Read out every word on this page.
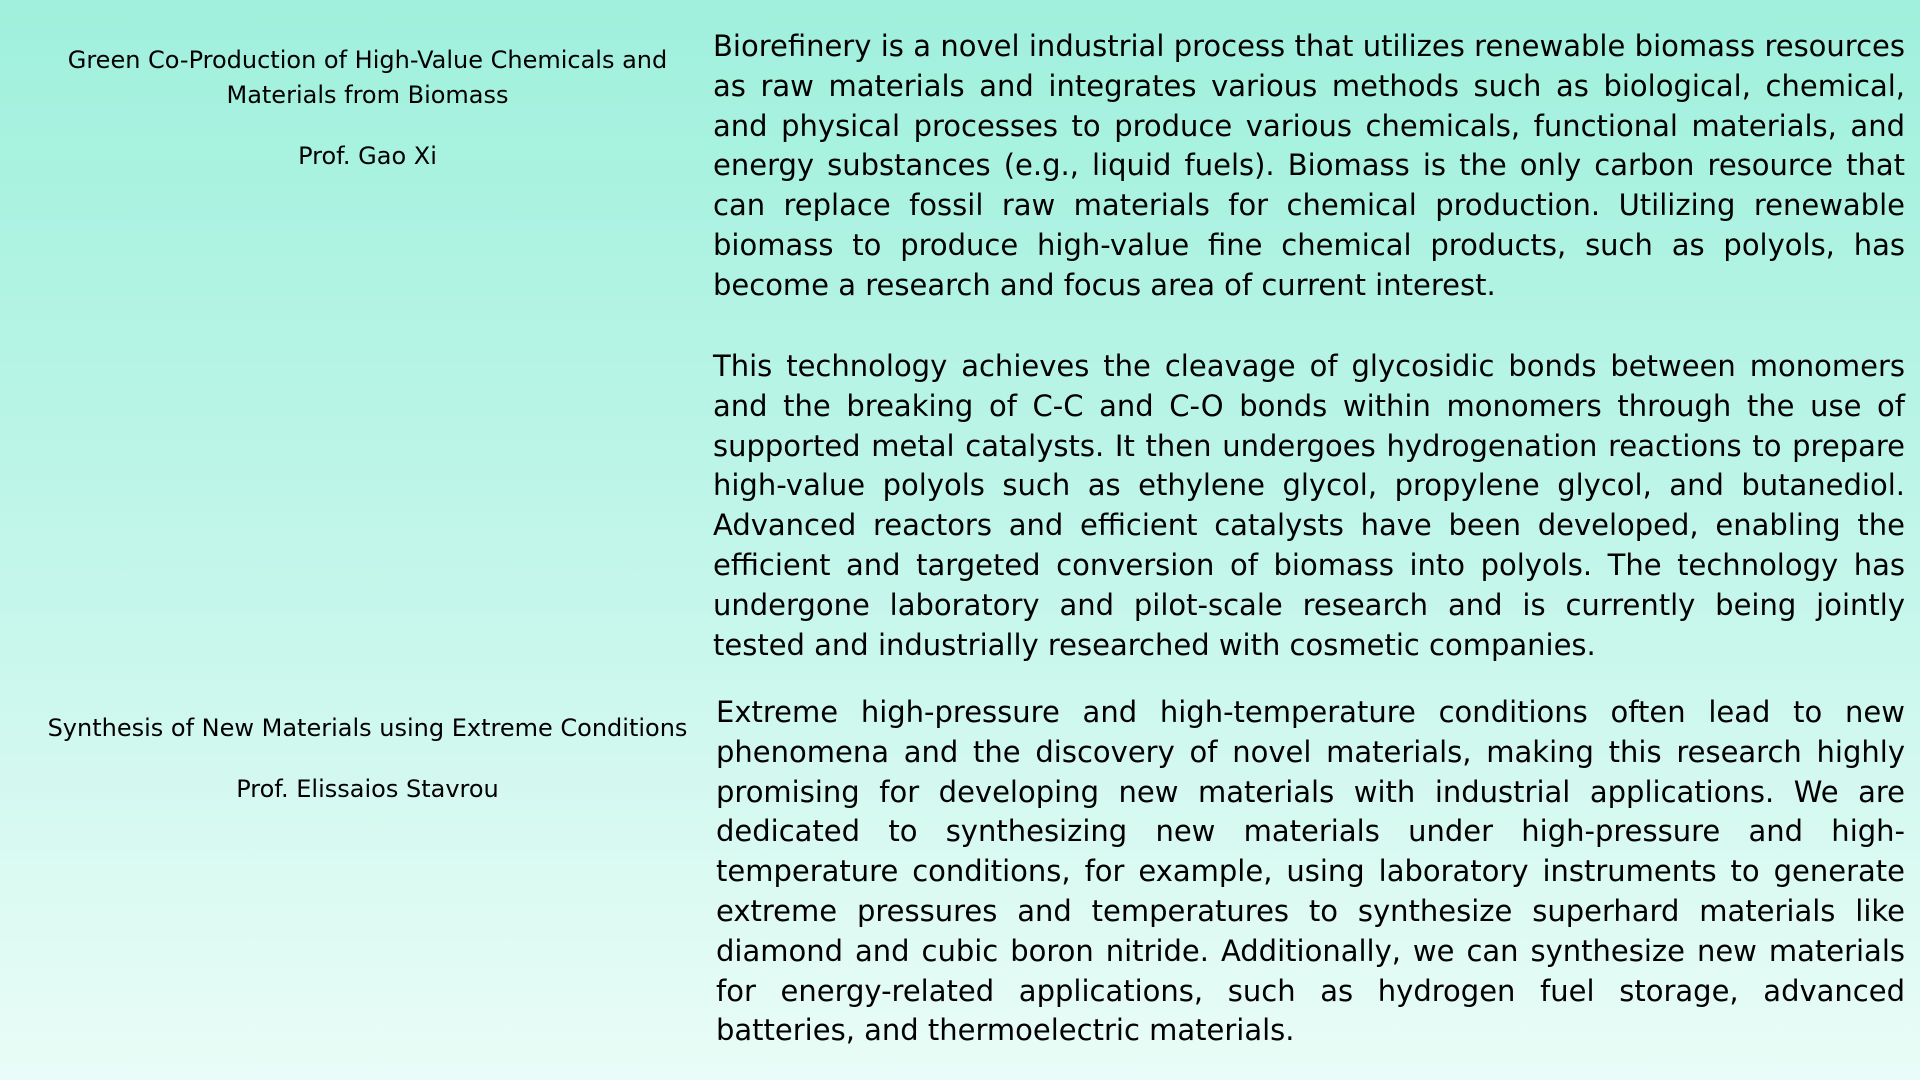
Green Co-Production of High-Value Chemicals and Materials from Biomass

Prof. Gao Xi

Biorefinery is a novel industrial process that utilizes renewable biomass resources as raw materials and integrates various methods such as biological, chemical, and physical processes to produce various chemicals, functional materials, and energy substances (e.g., liquid fuels). Biomass is the only carbon resource that can replace fossil raw materials for chemical production. Utilizing renewable biomass to produce high-value fine chemical products, such as polyols, has become a research and focus area of current interest.

This technology achieves the cleavage of glycosidic bonds between monomers and the breaking of C-C and C-O bonds within monomers through the use of supported metal catalysts. It then undergoes hydrogenation reactions to prepare high-value polyols such as ethylene glycol, propylene glycol, and butanediol. Advanced reactors and efficient catalysts have been developed, enabling the efficient and targeted conversion of biomass into polyols. The technology has undergone laboratory and pilot-scale research and is currently being jointly tested and industrially researched with cosmetic companies.

Synthesis of New Materials using Extreme Conditions

Prof. Elissaios Stavrou

Extreme high-pressure and high-temperature conditions often lead to new phenomena and the discovery of novel materials, making this research highly promising for developing new materials with industrial applications. We are dedicated to synthesizing new materials under high-pressure and high-temperature conditions, for example, using laboratory instruments to generate extreme pressures and temperatures to synthesize superhard materials like diamond and cubic boron nitride. Additionally, we can synthesize new materials for energy-related applications, such as hydrogen fuel storage, advanced batteries, and thermoelectric materials.
